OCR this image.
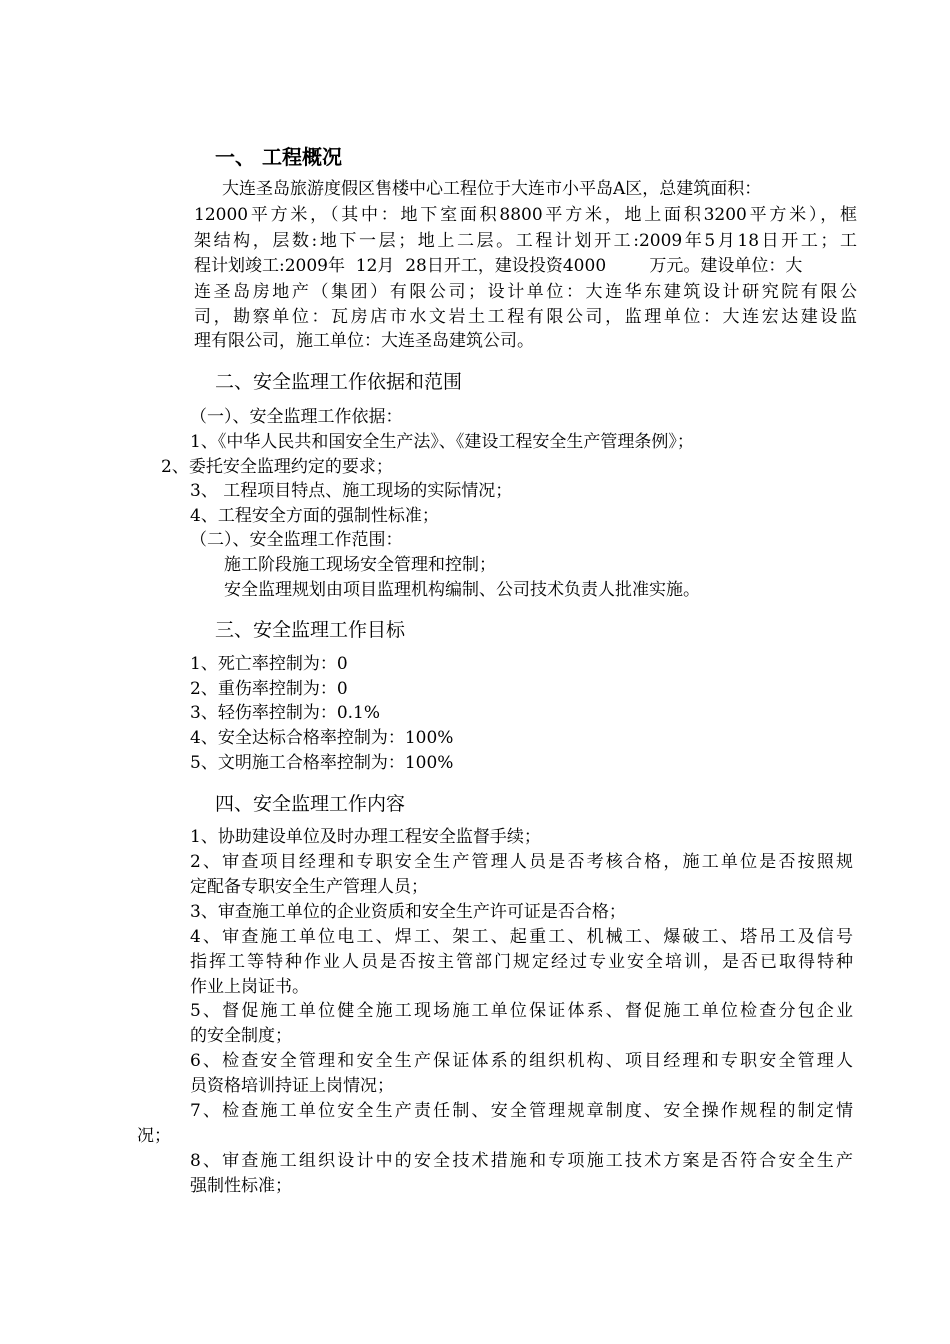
一、 工程概况
大连圣岛旅游度假区售楼中心工程位于大连市小平岛A区，总建筑面积：
12000平方米，（其中：地下室面积8800平方米，地上面积3200平方米），框
架结构，层数:地下一层；地上二层。工程计划开工:2009年5月18日开工；工
程计划竣工:2009年  12月  28日开工，建设投资4000        万元。建设单位：大
连圣岛房地产（集团）有限公司；设计单位：大连华东建筑设计研究院有限公
司，勘察单位：瓦房店市水文岩土工程有限公司，监理单位：大连宏达建设监
理有限公司，施工单位：大连圣岛建筑公司。
二、安全监理工作依据和范围
（一）、安全监理工作依据：
1、《中华人民共和国安全生产法》、《建设工程安全生产管理条例》；
2、委托安全监理约定的要求；
3、 工程项目特点、施工现场的实际情况；
4、工程安全方面的强制性标准；
（二）、安全监理工作范围：
施工阶段施工现场安全管理和控制；
安全监理规划由项目监理机构编制、公司技术负责人批准实施。
三、安全监理工作目标
1、死亡率控制为：0
2、重伤率控制为：0
3、轻伤率控制为：0.1%
4、安全达标合格率控制为：100%
5、文明施工合格率控制为：100%
四、安全监理工作内容
1、协助建设单位及时办理工程安全监督手续；
2、审查项目经理和专职安全生产管理人员是否考核合格，施工单位是否按照规
定配备专职安全生产管理人员；
3、审查施工单位的企业资质和安全生产许可证是否合格；
4、审查施工单位电工、焊工、架工、起重工、机械工、爆破工、塔吊工及信号
指挥工等特种作业人员是否按主管部门规定经过专业安全培训，是否已取得特种
作业上岗证书。
5、督促施工单位健全施工现场施工单位保证体系、督促施工单位检查分包企业
的安全制度；
6、检查安全管理和安全生产保证体系的组织机构、项目经理和专职安全管理人
员资格培训持证上岗情况；
7、检查施工单位安全生产责任制、安全管理规章制度、安全操作规程的制定情
况；
8、审查施工组织设计中的安全技术措施和专项施工技术方案是否符合安全生产
强制性标准；
